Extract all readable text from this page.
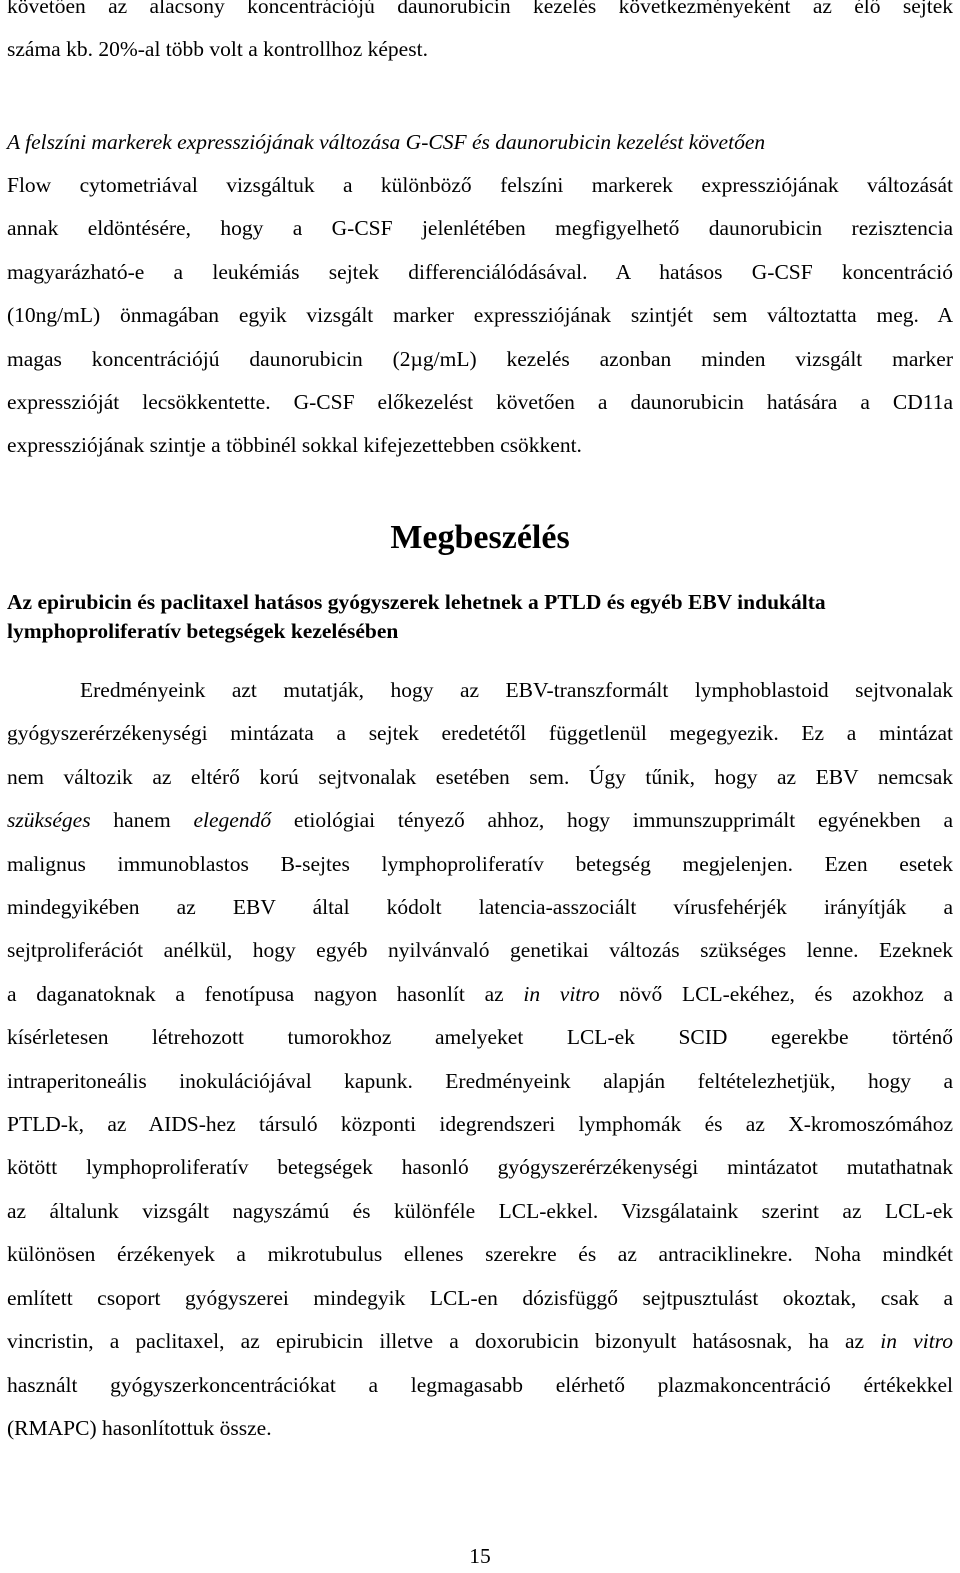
követően az alacsony koncentrációjú daunorubicin kezelés következményeként az élő sejtek
száma kb. 20%-al több volt a kontrollhoz képest.

A felszíni markerek expressziójának változása G-CSF és daunorubicin kezelést követően

Flow cytometriával vizsgáltuk a különböző felszíni markerek expressziójának változását
annak eldöntésére, hogy a G-CSF jelenlétében megfigyelhető daunorubicin rezisztencia
magyarázható-e a leukémiás sejtek differenciálódásával. A hatásos G-CSF koncentráció
(10ng/mL) önmagában egyik vizsgált marker expressziójának szintjét sem változtatta meg. A
magas koncentrációjú daunorubicin (2µg/mL) kezelés azonban minden vizsgált marker
expresszióját lecsökkentette. G-CSF előkezelést követően a daunorubicin hatására a CD11a
expressziójának szintje a többinél sokkal kifejezettebben csökkent.
Megbeszélés

Az epirubicin és paclitaxel hatásos gyógyszerek lehetnek a PTLD és egyéb EBV indukálta lymphoproliferatív betegségek kezelésében

Eredményeink azt mutatják, hogy az EBV-transzformált lymphoblastoid sejtvonalak
gyógyszerérzékenységi mintázata a sejtek eredetétől függetlenül megegyezik. Ez a mintázat
nem változik az eltérő korú sejtvonalak esetében sem. Úgy tűnik, hogy az EBV nemcsak
szükséges hanem elegendő etiológiai tényező ahhoz, hogy immunszupprimált egyénekben a
malignus immunoblastos B-sejtes lymphoproliferatív betegség megjelenjen. Ezen esetek
mindegyikében az EBV által kódolt latencia-asszociált vírusfehérjék irányítják a
sejtproliferációt anélkül, hogy egyéb nyilvánvaló genetikai változás szükséges lenne. Ezeknek
a daganatoknak a fenotípusa nagyon hasonlít az in vitro növő LCL-ekéhez, és azokhoz a
kísérletesen létrehozott tumorokhoz amelyeket LCL-ek SCID egerekbe történő
intraperitoneális inokulációjával kapunk. Eredményeink alapján feltételezhetjük, hogy a
PTLD-k, az AIDS-hez társuló központi idegrendszeri lymphomák és az X-kromoszómához
kötött lymphoproliferatív betegségek hasonló gyógyszerérzékenységi mintázatot mutathatnak
az általunk vizsgált nagyszámú és különféle LCL-ekkel. Vizsgálataink szerint az LCL-ek
különösen érzékenyek a mikrotubulus ellenes szerekre és az antraciklinekre. Noha mindkét
említett csoport gyógyszerei mindegyik LCL-en dózisfüggő sejtpusztulást okoztak, csak a
vincristin, a paclitaxel, az epirubicin illetve a doxorubicin bizonyult hatásosnak, ha az in vitro
használt gyógyszerkoncentrációkat a legmagasabb elérhető plazmakoncentráció értékekkel
(RMAPC) hasonlítottuk össze.

15
